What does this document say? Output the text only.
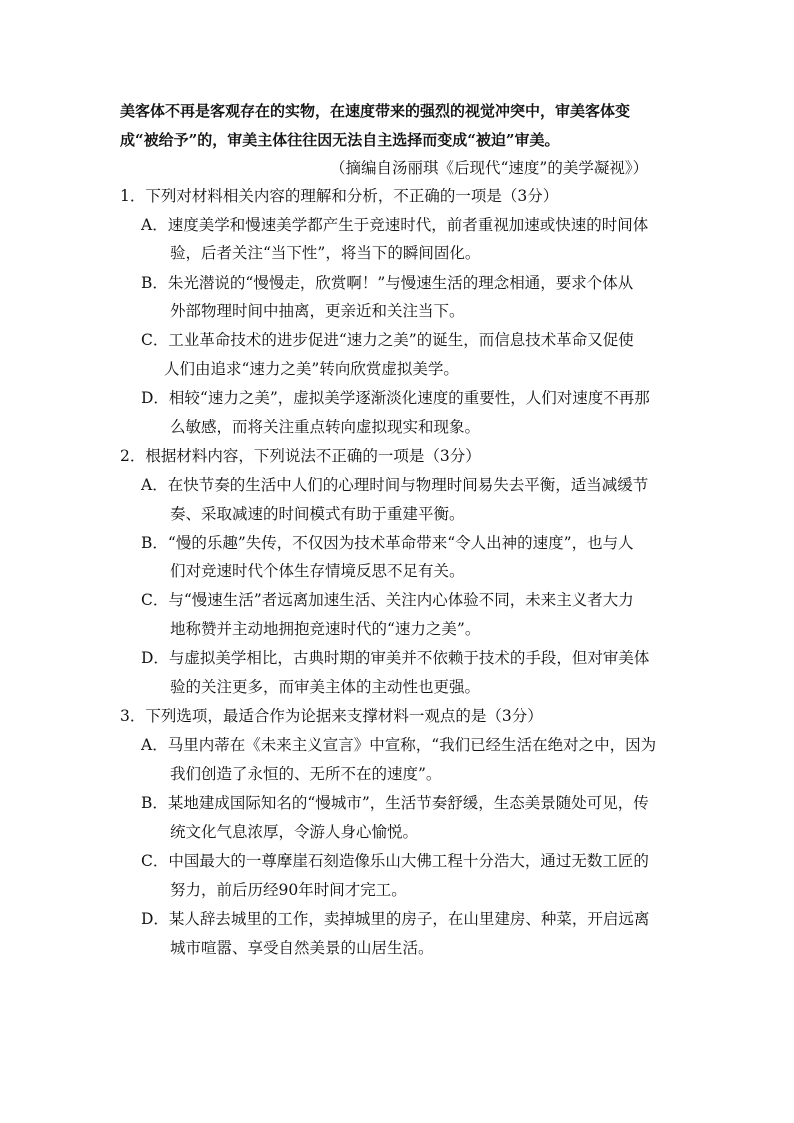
美客体不再是客观存在的实物，在速度带来的强烈的视觉冲突中，审美客体变
成“被给予”的，审美主体往往因无法自主选择而变成“被迫”审美。
（摘编自汤丽琪《后现代“速度”的美学凝视》）
1．下列对材料相关内容的理解和分析，不正确的一项是（3分）
A．速度美学和慢速美学都产生于竞速时代，前者重视加速或快速的时间体
验，后者关注“当下性”，将当下的瞬间固化。
B．朱光潜说的“慢慢走，欣赏啊！”与慢速生活的理念相通，要求个体从
外部物理时间中抽离，更亲近和关注当下。
C．工业革命技术的进步促进“速力之美”的诞生，而信息技术革命又促使
人们由追求“速力之美”转向欣赏虚拟美学。
D．相较“速力之美”，虚拟美学逐渐淡化速度的重要性，人们对速度不再那
么敏感，而将关注重点转向虚拟现实和现象。
2．根据材料内容，下列说法不正确的一项是（3分）
A．在快节奏的生活中人们的心理时间与物理时间易失去平衡，适当减缓节
奏、采取减速的时间模式有助于重建平衡。
B．“慢的乐趣”失传，不仅因为技术革命带来“令人出神的速度”，也与人
们对竞速时代个体生存情境反思不足有关。
C．与“慢速生活”者远离加速生活、关注内心体验不同，未来主义者大力
地称赞并主动地拥抱竞速时代的“速力之美”。
D．与虚拟美学相比，古典时期的审美并不依赖于技术的手段，但对审美体
验的关注更多，而审美主体的主动性也更强。
3．下列选项，最适合作为论据来支撑材料一观点的是（3分）
A．马里内蒂在《未来主义宣言》中宣称，“我们已经生活在绝对之中，因为
我们创造了永恒的、无所不在的速度”。
B．某地建成国际知名的“慢城市”，生活节奏舒缓，生态美景随处可见，传
统文化气息浓厚，令游人身心愉悦。
C．中国最大的一尊摩崖石刻造像乐山大佛工程十分浩大，通过无数工匠的
努力，前后历经90年时间才完工。
D．某人辞去城里的工作，卖掉城里的房子，在山里建房、种菜，开启远离
城市喧嚣、享受自然美景的山居生活。
